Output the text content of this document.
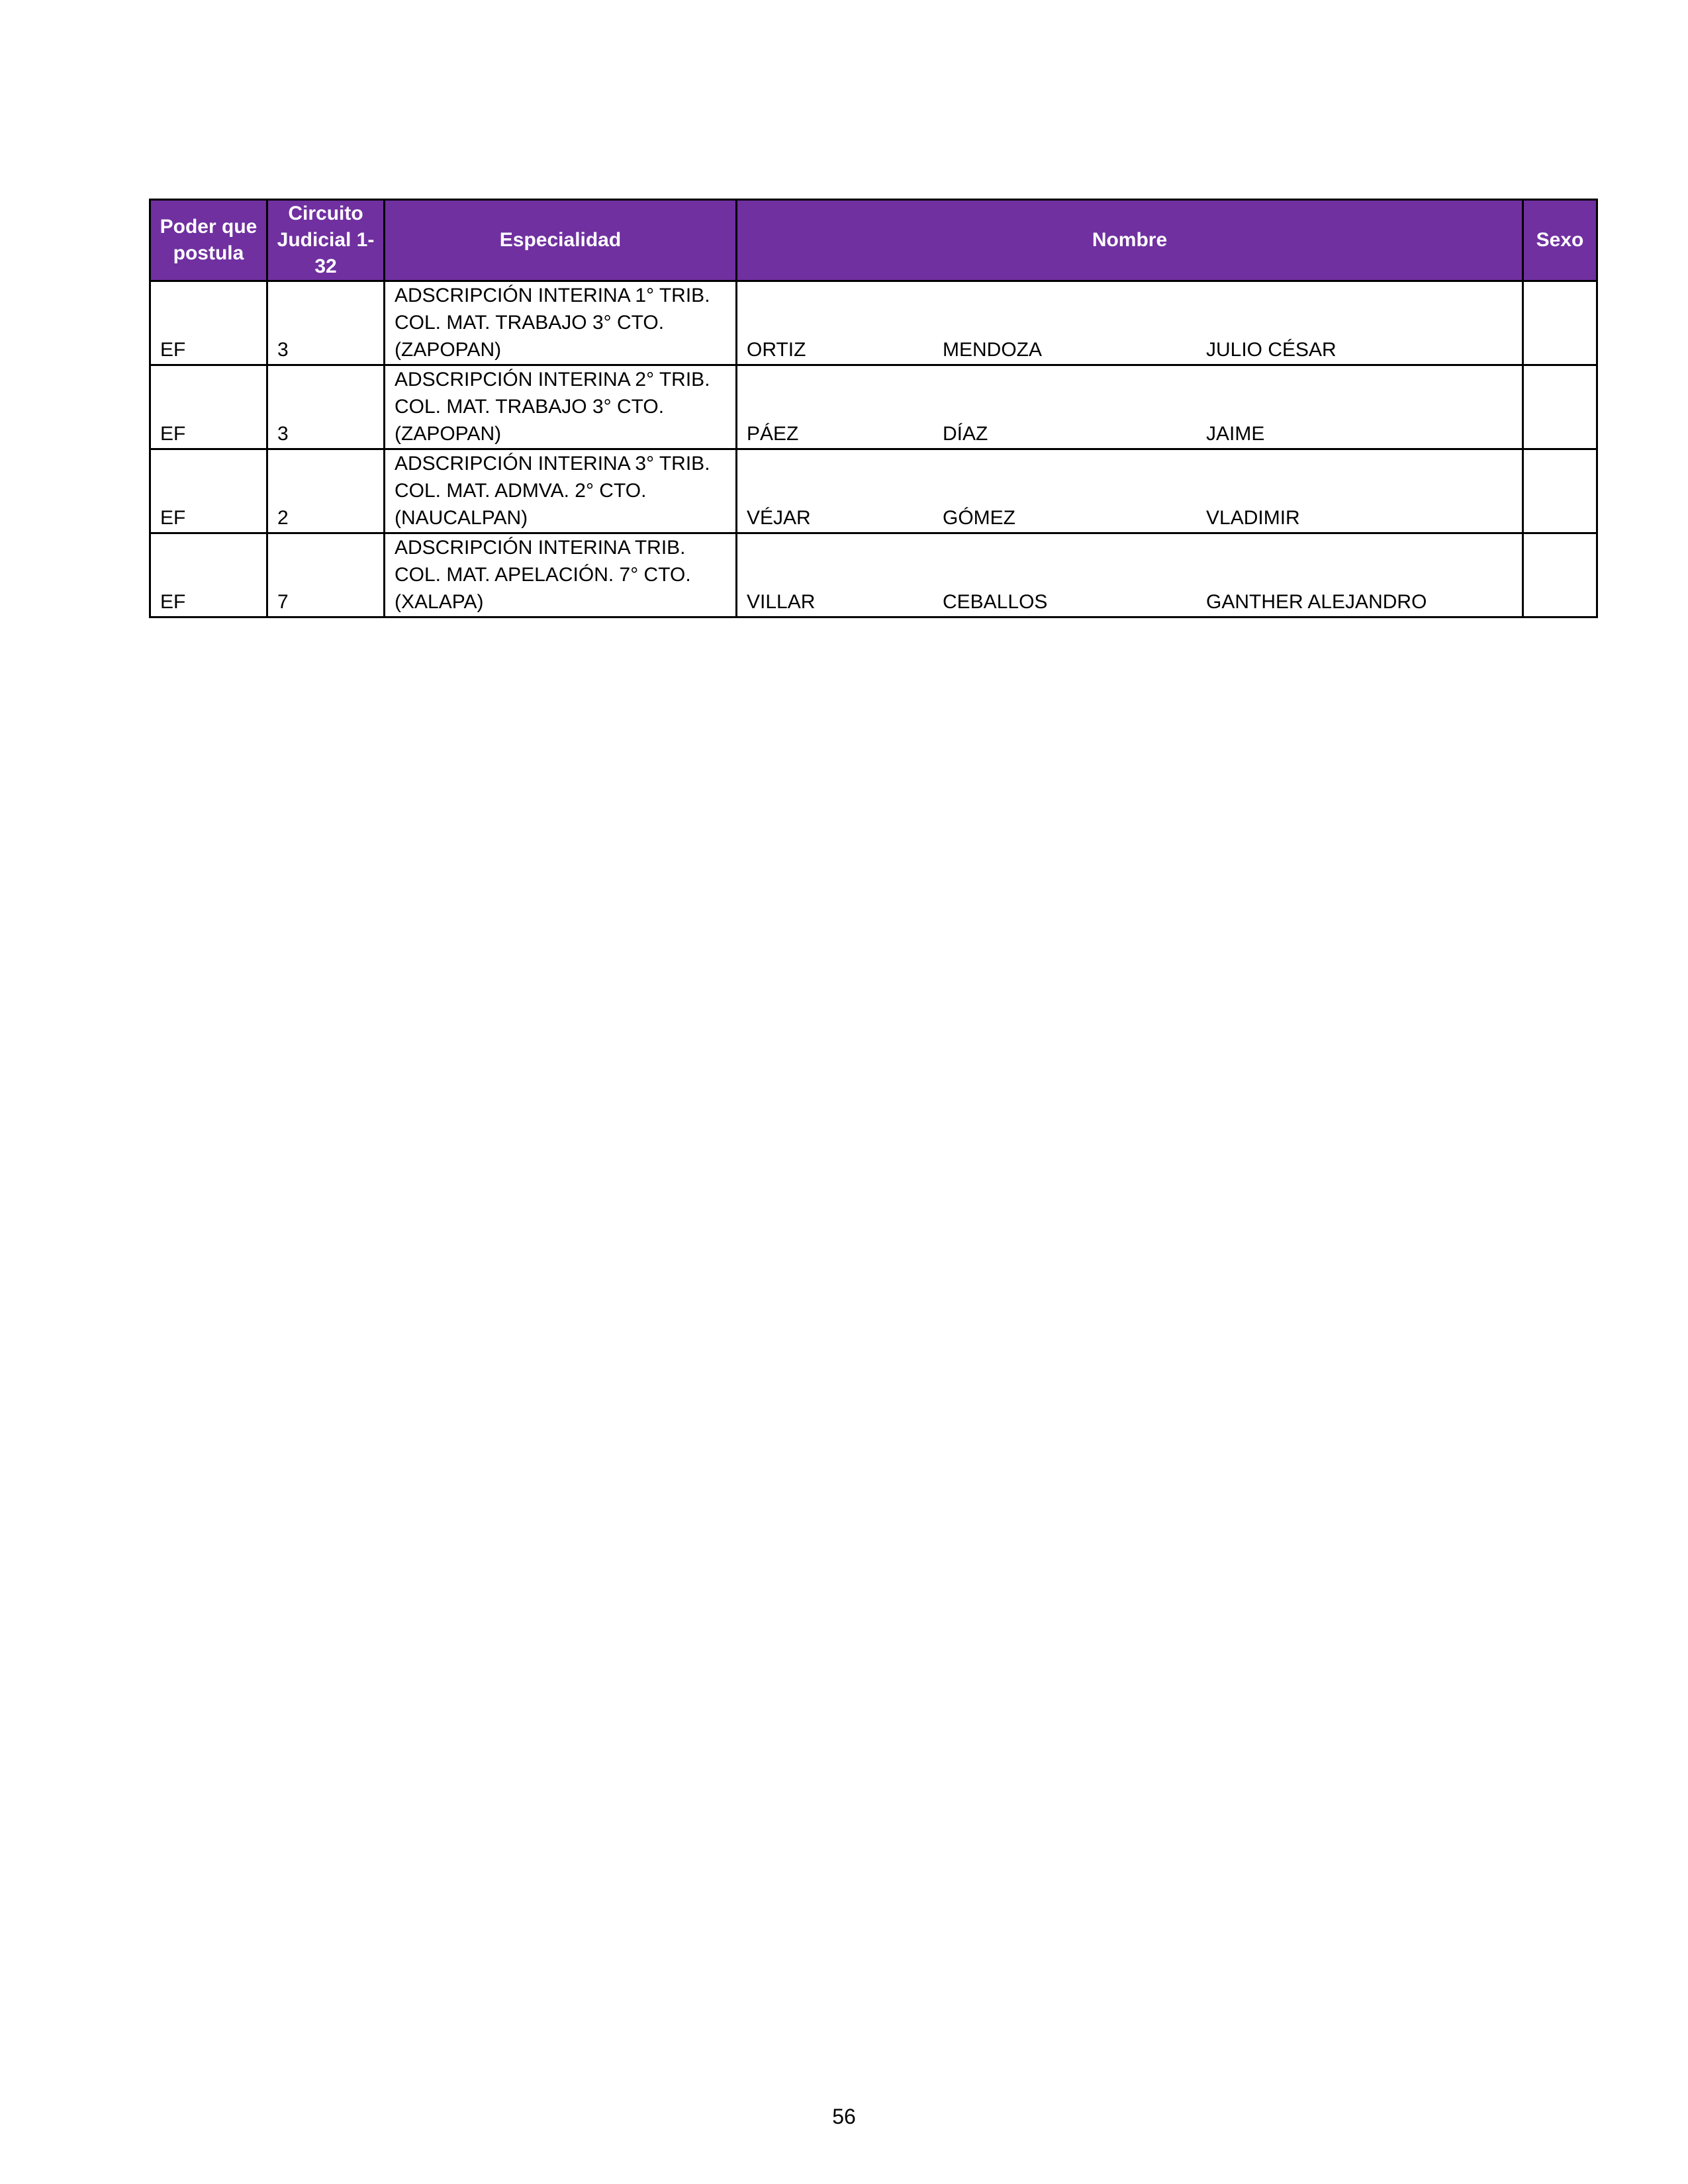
Poder que postula	Circuito Judicial 1-32	Especialidad	Nombre	Sexo
EF	3	ADSCRIPCIÓN INTERINA 1° TRIB. COL. MAT. TRABAJO 3° CTO. (ZAPOPAN)	ORTIZ MENDOZA JULIO CÉSAR	

EF	3	ADSCRIPCIÓN INTERINA 2° TRIB. COL. MAT. TRABAJO 3° CTO. (ZAPOPAN)	PÁEZ DÍAZ JAIME	

EF	2	ADSCRIPCIÓN INTERINA 3° TRIB. COL. MAT. ADMVA. 2° CTO. (NAUCALPAN)	VÉJAR GÓMEZ VLADIMIR	

EF	7	ADSCRIPCIÓN INTERINA TRIB. COL. MAT. APELACIÓN. 7° CTO. (XALAPA)	VILLAR CEBALLOS GANTHER ALEJANDRO	

56
